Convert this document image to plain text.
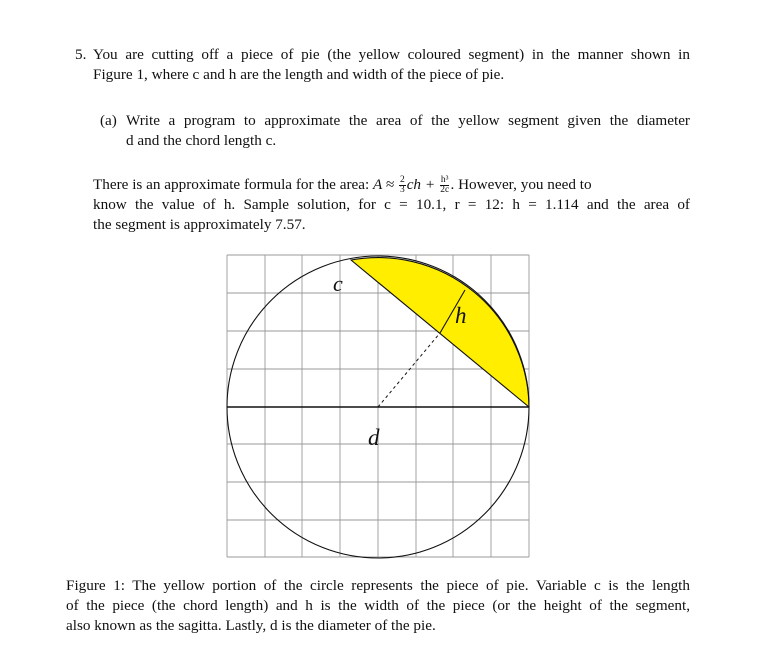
5. You are cutting off a piece of pie (the yellow coloured segment) in the manner shown in
Figure 1, where c and h are the length and width of the piece of pie.
(a) Write a program to approximate the area of the yellow segment given the diameter
d and the chord length c.
There is an approximate formula for the area: $A \approx \frac{2}{3}$ ch + $\frac{\text{h³}}{2c}$ . However, you need to
know the value of h. Sample solution, for c = 10.1, r = 12: h = 1.114 and the area of
the segment is approximately 7.57.
c
h
d
Figure 1: The yellow portion of the circle represents the piece of pie. Variable c is the length
of the piece (the chord length) and h is the width of the piece (or the height of the segment,
also known as the sagitta. Lastly, d is the diameter of the pie.
